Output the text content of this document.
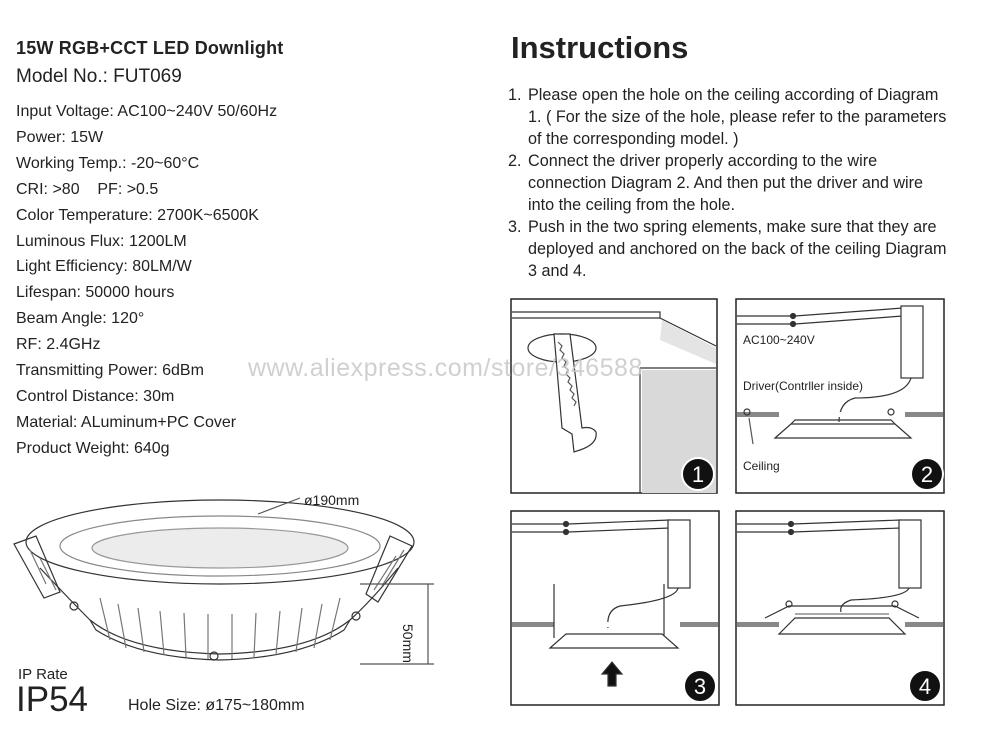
15W RGB+CCT LED Downlight
Model No.: FUT069
Input Voltage: AC100~240V 50/60Hz
Power: 15W
Working Temp.: -20~60°C
CRI: >80    PF: >0.5
Color Temperature: 2700K~6500K
Luminous Flux: 1200LM
Light Efficiency: 80LM/W
Lifespan: 50000 hours
Beam Angle: 120°
RF: 2.4GHz
Transmitting Power: 6dBm
Control Distance: 30m
Material: ALuminum+PC Cover
Product Weight: 640g
ø190mm
50mm
IP Rate
IP54	Hole Size: ø175~180mm
Instructions
1. Please open the hole on the ceiling according of Diagram 1. ( For the size of the hole, please refer to the parameters of the corresponding model. )
2. Connect the driver properly according to the wire connection Diagram 2. And then put the driver and wire into the ceiling from the hole.
3. Push in the two spring elements, make sure that they are deployed and anchored on the back of the ceiling Diagram 3 and 4.
1
AC100~240V
Driver(Contrller inside)
Ceiling	2
3	4
www.aliexpress.com/store/346588
